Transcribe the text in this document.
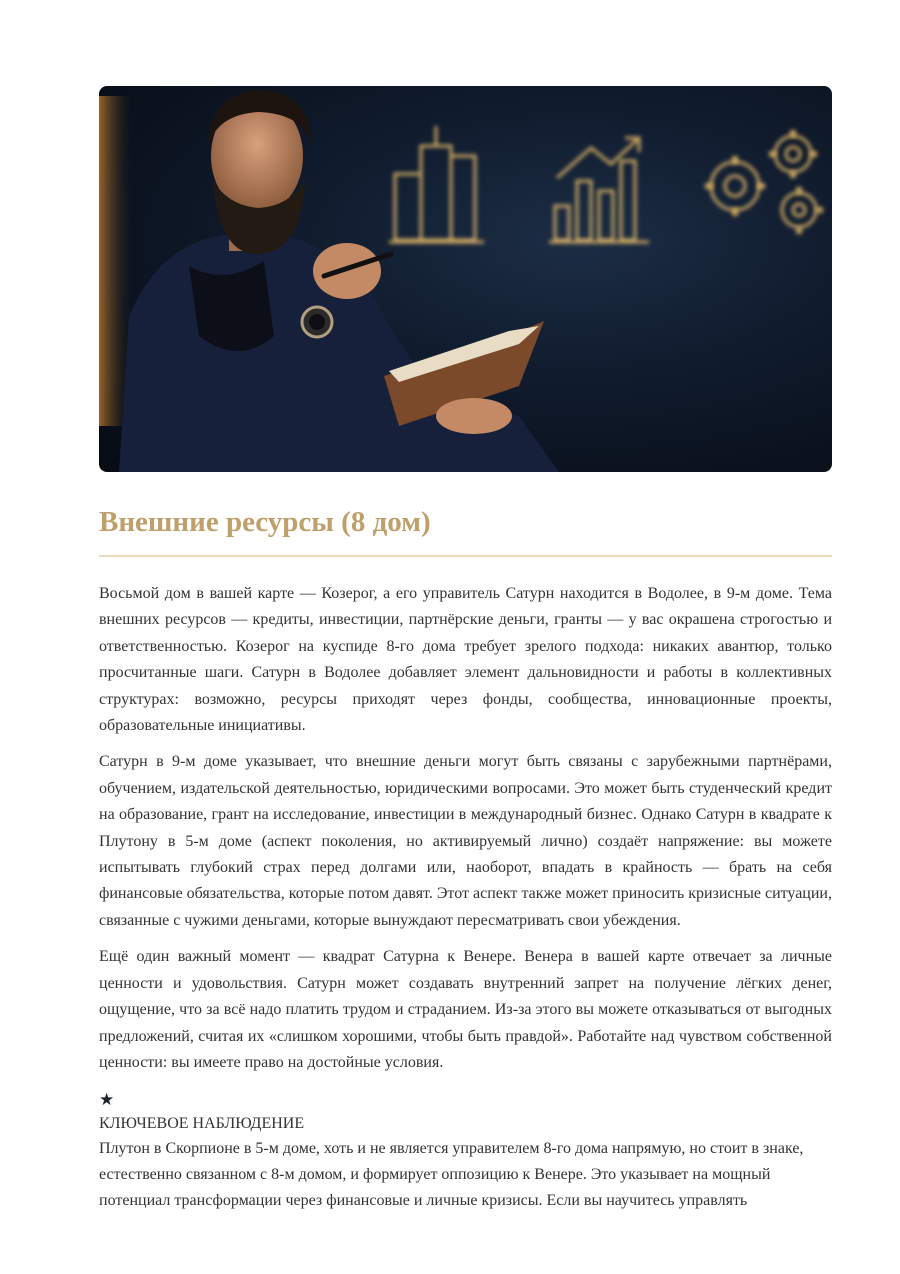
Внешние ресурсы (8 дом)

Восьмой дом в вашей карте — Козерог, а его управитель Сатурн находится в Водолее, в 9-м доме. Тема внешних ресурсов — кредиты, инвестиции, партнёрские деньги, гранты — у вас окрашена строгостью и ответственностью. Козерог на куспиде 8-го дома требует зрелого подхода: никаких авантюр, только просчитанные шаги. Сатурн в Водолее добавляет элемент дальновидности и работы в коллективных структурах: возможно, ресурсы приходят через фонды, сообщества, инновационные проекты, образовательные инициативы.

Сатурн в 9-м доме указывает, что внешние деньги могут быть связаны с зарубежными партнёрами, обучением, издательской деятельностью, юридическими вопросами. Это может быть студенческий кредит на образование, грант на исследование, инвестиции в международный бизнес. Однако Сатурн в квадрате к Плутону в 5-м доме (аспект поколения, но активируемый лично) создаёт напряжение: вы можете испытывать глубокий страх перед долгами или, наоборот, впадать в крайность — брать на себя финансовые обязательства, которые потом давят. Этот аспект также может приносить кризисные ситуации, связанные с чужими деньгами, которые вынуждают пересматривать свои убеждения.

Ещё один важный момент — квадрат Сатурна к Венере. Венера в вашей карте отвечает за личные ценности и удовольствия. Сатурн может создавать внутренний запрет на получение лёгких денег, ощущение, что за всё надо платить трудом и страданием. Из-за этого вы можете отказываться от выгодных предложений, считая их «слишком хорошими, чтобы быть правдой». Работайте над чувством собственной ценности: вы имеете право на достойные условия.

★
КЛЮЧЕВОЕ НАБЛЮДЕНИЕ

Плутон в Скорпионе в 5-м доме, хоть и не является управителем 8-го дома напрямую, но стоит в знаке, естественно связанном с 8-м домом, и формирует оппозицию к Венере. Это указывает на мощный потенциал трансформации через финансовые и личные кризисы. Если вы научитесь управлять
